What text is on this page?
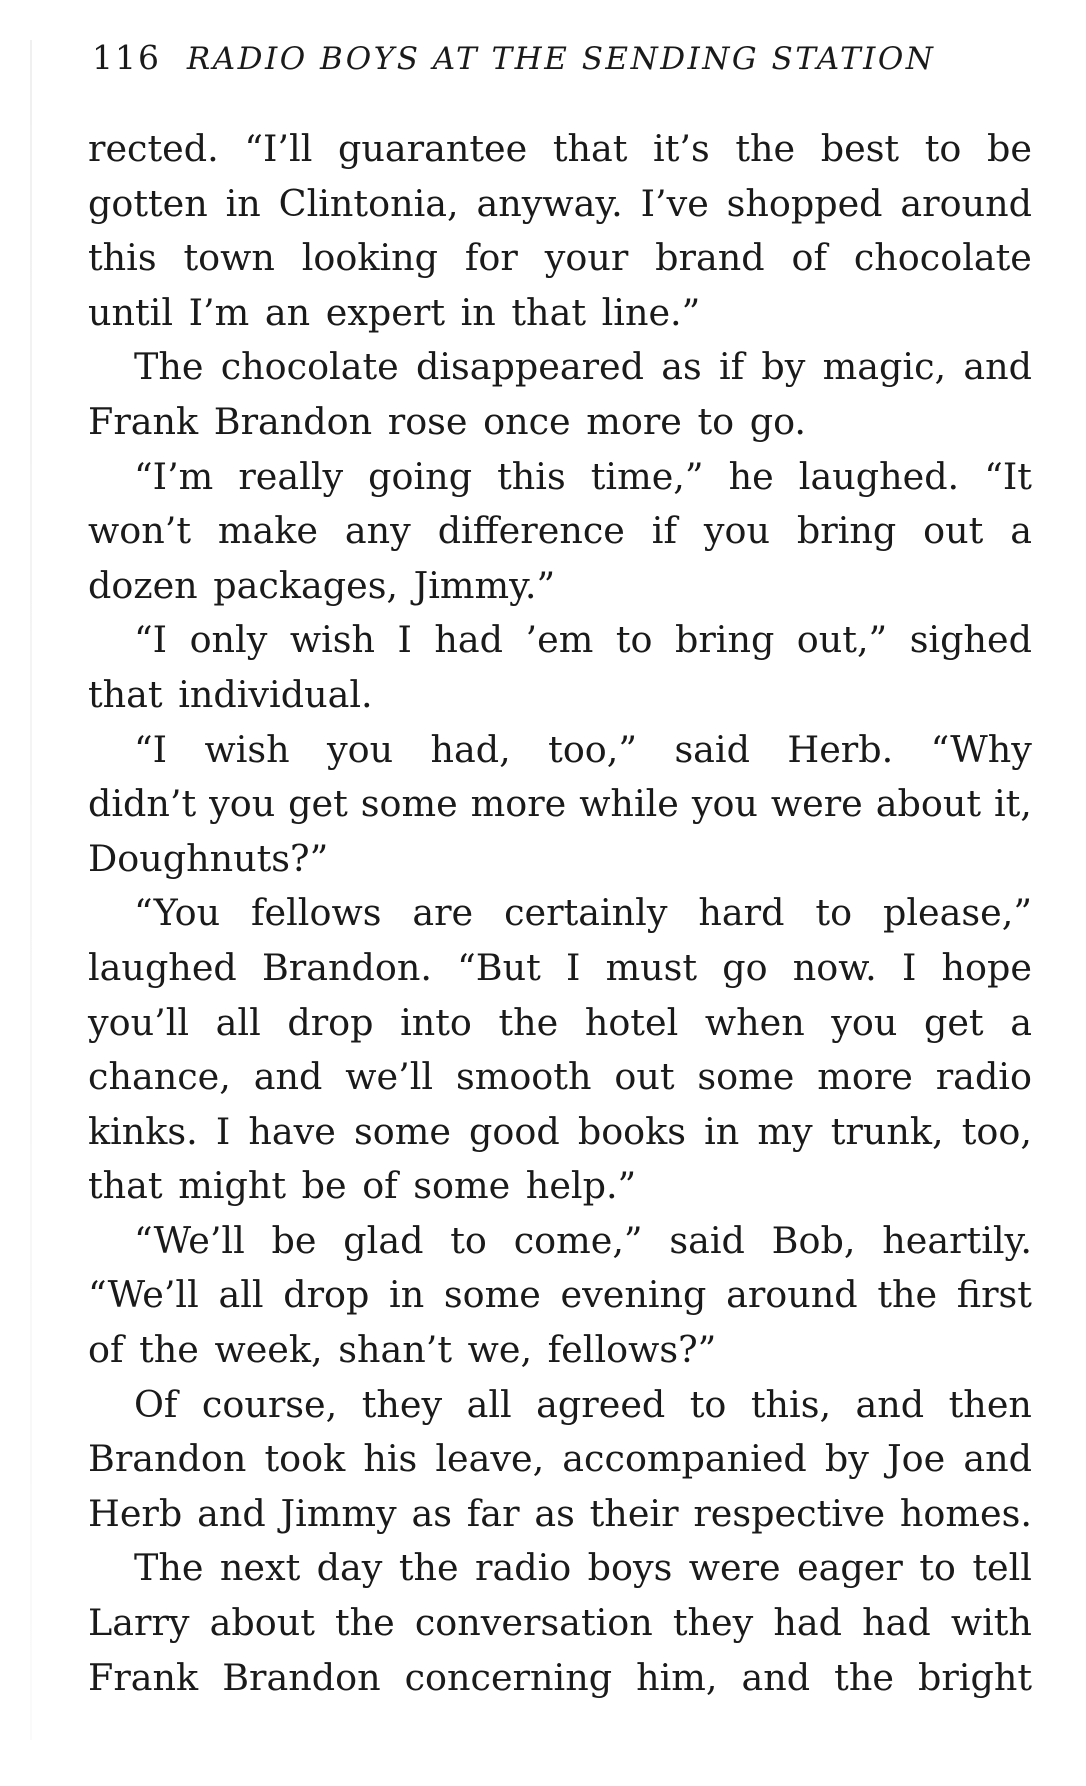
116 RADIO BOYS AT THE SENDING STATION
rected. “I’ll guarantee that it’s the best to be
gotten in Clintonia, anyway. I’ve shopped around
this town looking for your brand of chocolate
until I’m an expert in that line.”
The chocolate disappeared as if by magic, and
Frank Brandon rose once more to go.
“I’m really going this time,” he laughed. “It
won’t make any difference if you bring out a
dozen packages, Jimmy.”
“I only wish I had ’em to bring out,” sighed
that individual.
“I wish you had, too,” said Herb. “Why
didn’t you get some more while you were about it,
Doughnuts?”
“You fellows are certainly hard to please,”
laughed Brandon. “But I must go now. I hope
you’ll all drop into the hotel when you get a
chance, and we’ll smooth out some more radio
kinks. I have some good books in my trunk, too,
that might be of some help.”
“We’ll be glad to come,” said Bob, heartily.
“We’ll all drop in some evening around the first
of the week, shan’t we, fellows?”
Of course, they all agreed to this, and then
Brandon took his leave, accompanied by Joe and
Herb and Jimmy as far as their respective homes.
The next day the radio boys were eager to tell
Larry about the conversation they had had with
Frank Brandon concerning him, and the bright
